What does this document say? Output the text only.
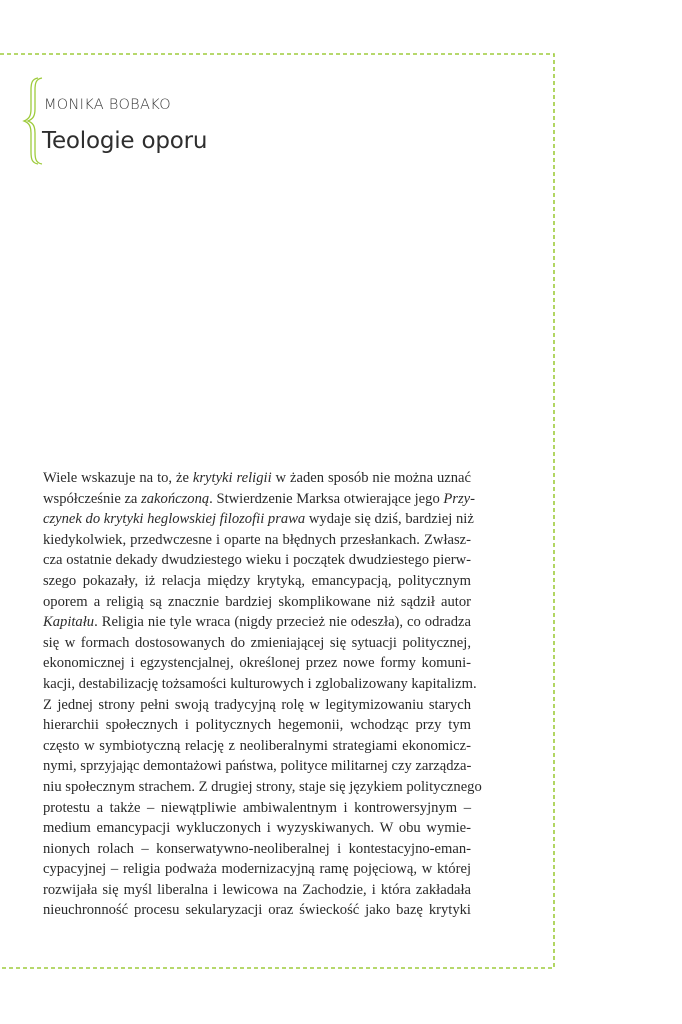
MONIKA BOBAKO

Teologie oporu
Wiele wskazuje na to, że krytyki religii w żaden sposób nie można uznać
współcześnie za zakończoną. Stwierdzenie Marksa otwierające jego Przy-
czynek do krytyki heglowskiej filozofii prawa wydaje się dziś, bardziej niż
kiedykolwiek, przedwczesne i oparte na błędnych przesłankach. Zwłasz-
cza ostatnie dekady dwudziestego wieku i początek dwudziestego pierw-
szego pokazały, iż relacja między krytyką, emancypacją, politycznym
oporem a religią są znacznie bardziej skomplikowane niż sądził autor
Kapitału. Religia nie tyle wraca (nigdy przecież nie odeszła), co odradza
się w formach dostosowanych do zmieniającej się sytuacji politycznej,
ekonomicznej i egzystencjalnej, określonej przez nowe formy komuni-
kacji, destabilizację tożsamości kulturowych i zglobalizowany kapitalizm.
Z jednej strony pełni swoją tradycyjną rolę w legitymizowaniu starych
hierarchii społecznych i politycznych hegemonii, wchodząc przy tym
często w symbiotyczną relację z neoliberalnymi strategiami ekonomicz-
nymi, sprzyjając demontażowi państwa, polityce militarnej czy zarządza-
niu społecznym strachem. Z drugiej strony, staje się językiem politycznego
protestu a także – niewątpliwie ambiwalentnym i kontrowersyjnym –
medium emancypacji wykluczonych i wyzyskiwanych. W obu wymie-
nionych rolach – konserwatywno-neoliberalnej i kontestacyjno-eman-
cypacyjnej – religia podważa modernizacyjną ramę pojęciową, w której
rozwijała się myśl liberalna i lewicowa na Zachodzie, i która zakładała
nieuchronność procesu sekularyzacji oraz świeckość jako bazę krytyki
